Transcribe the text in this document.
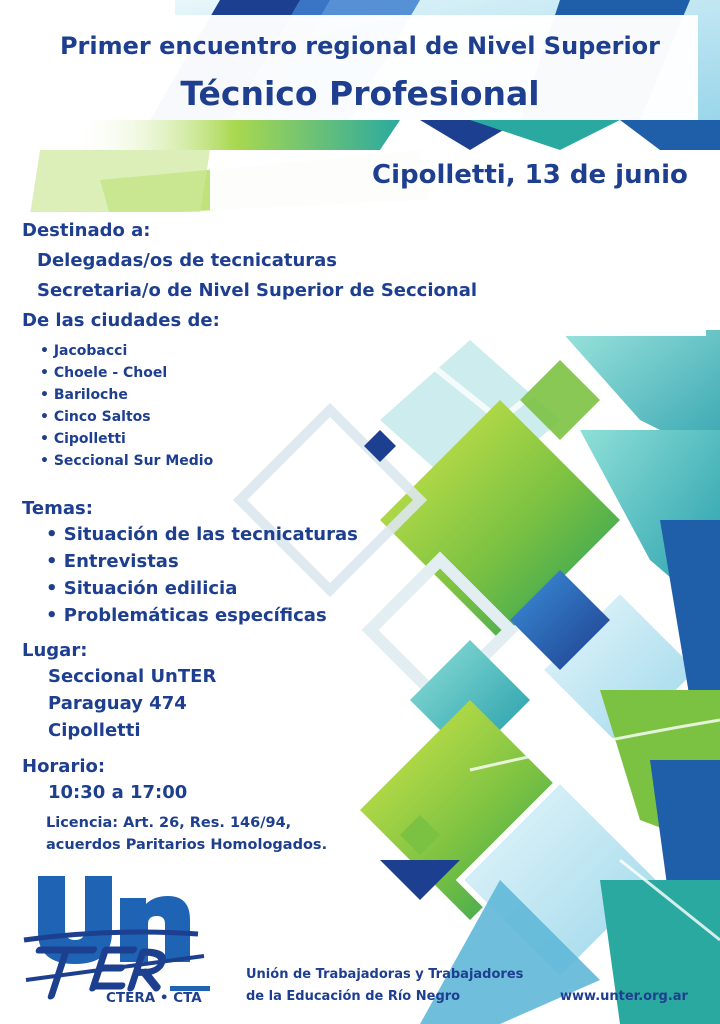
Primer encuentro regional de Nivel Superior
Técnico Profesional
Cipolletti, 13 de junio
Destinado a:
Delegadas/os de tecnicaturas
Secretaria/o de Nivel Superior de Seccional
De las ciudades de:
• Jacobacci
• Choele - Choel
• Bariloche
• Cinco Saltos
• Cipolletti
• Seccional Sur Medio
Temas:
• Situación de las tecnicaturas
• Entrevistas
• Situación edilicia
• Problemáticas específicas
Lugar:
Seccional UnTER
Paraguay 474
Cipolletti
Horario:
10:30 a 17:00
Licencia: Art. 26, Res. 146/94,
acuerdos Paritarios Homologados.
CTERA • CTA
Unión de Trabajadoras y Trabajadores
de la Educación de Río Negro	www.unter.org.ar
